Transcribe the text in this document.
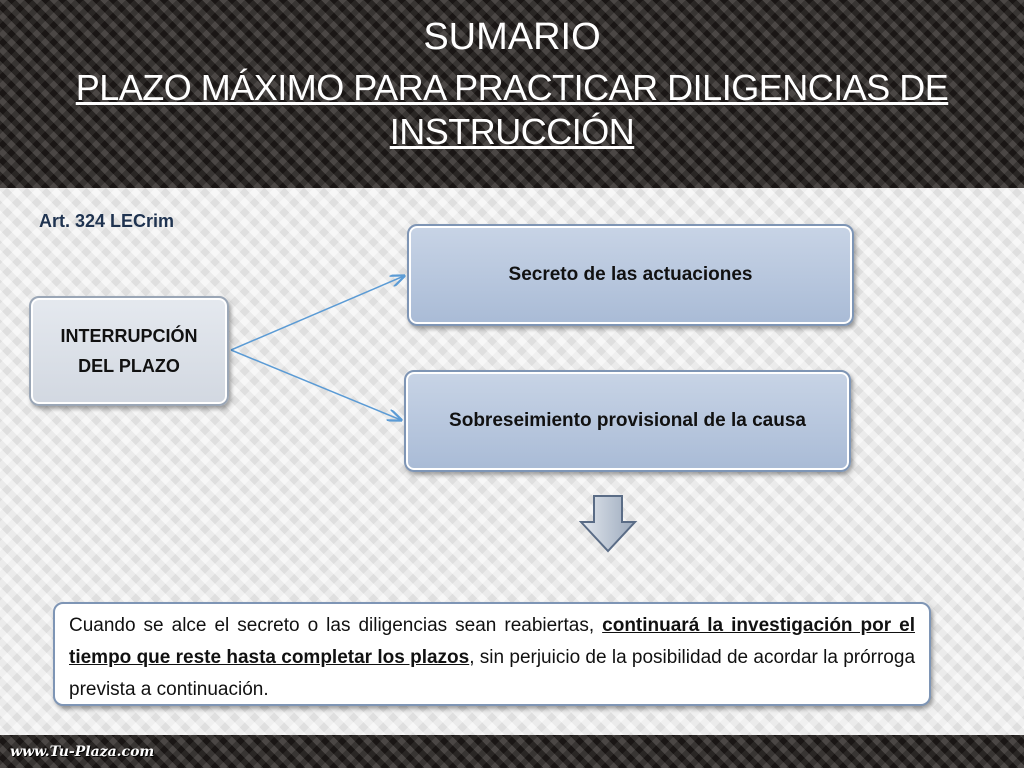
SUMARIO
PLAZO MÁXIMO PARA PRACTICAR DILIGENCIAS DE INSTRUCCIÓN
Art. 324 LECrim
INTERRUPCIÓN
DEL PLAZO
Secreto de las actuaciones
Sobreseimiento provisional de la causa
Cuando se alce el secreto o las diligencias sean reabiertas, continuará la investigación por el tiempo que reste hasta completar los plazos, sin perjuicio de la posibilidad de acordar la prórroga prevista a continuación.
www.Tu-Plaza.com
